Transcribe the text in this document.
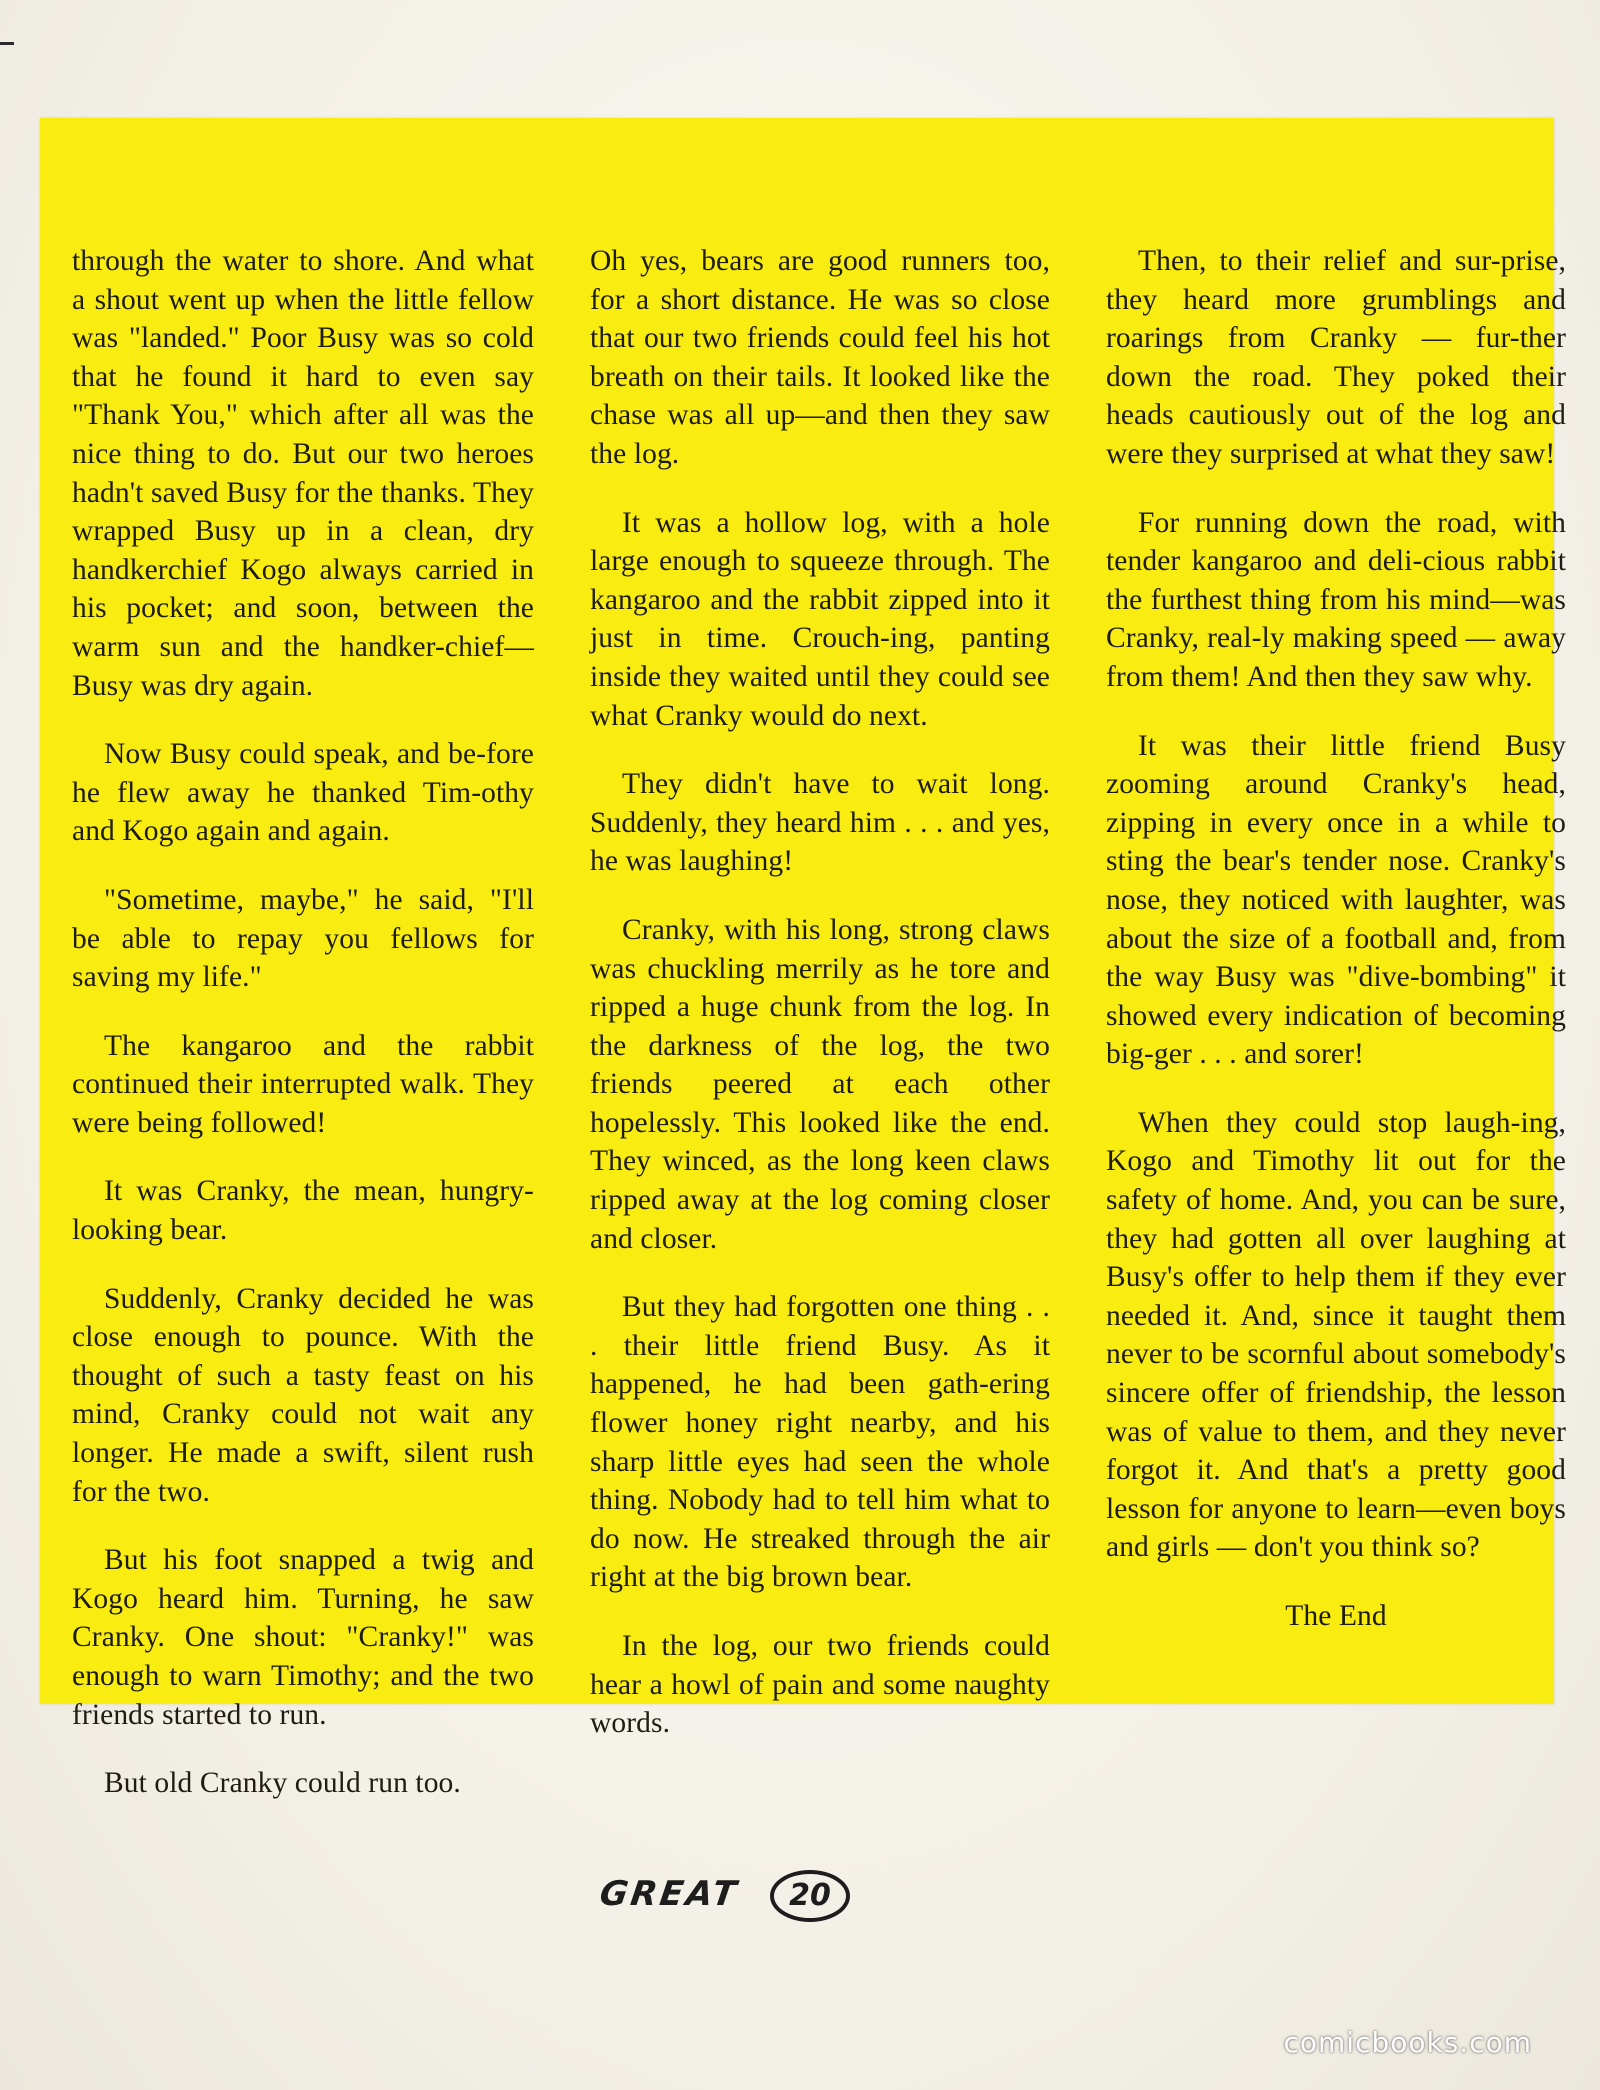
through the water to shore. And what a shout went up when the little fellow was "landed." Poor Busy was so cold that he found it hard to even say "Thank You," which after all was the nice thing to do. But our two heroes hadn't saved Busy for the thanks. They wrapped Busy up in a clean, dry handkerchief Kogo always carried in his pocket; and soon, between the warm sun and the handker-chief—Busy was dry again.

Now Busy could speak, and be-fore he flew away he thanked Tim-othy and Kogo again and again.

"Sometime, maybe," he said, "I'll be able to repay you fellows for saving my life."

The kangaroo and the rabbit continued their interrupted walk. They were being followed!

It was Cranky, the mean, hungry-looking bear.

Suddenly, Cranky decided he was close enough to pounce. With the thought of such a tasty feast on his mind, Cranky could not wait any longer. He made a swift, silent rush for the two.

But his foot snapped a twig and Kogo heard him. Turning, he saw Cranky. One shout: "Cranky!" was enough to warn Timothy; and the two friends started to run.

But old Cranky could run too.

Oh yes, bears are good runners too, for a short distance. He was so close that our two friends could feel his hot breath on their tails. It looked like the chase was all up—and then they saw the log.

It was a hollow log, with a hole large enough to squeeze through. The kangaroo and the rabbit zipped into it just in time. Crouch-ing, panting inside they waited until they could see what Cranky would do next.

They didn't have to wait long. Suddenly, they heard him . . . and yes, he was laughing!

Cranky, with his long, strong claws was chuckling merrily as he tore and ripped a huge chunk from the log. In the darkness of the log, the two friends peered at each other hopelessly. This looked like the end. They winced, as the long keen claws ripped away at the log coming closer and closer.

But they had forgotten one thing . . . their little friend Busy. As it happened, he had been gath-ering flower honey right nearby, and his sharp little eyes had seen the whole thing. Nobody had to tell him what to do now. He streaked through the air right at the big brown bear.

In the log, our two friends could hear a howl of pain and some naughty words.

Then, to their relief and sur-prise, they heard more grumblings and roarings from Cranky — fur-ther down the road. They poked their heads cautiously out of the log and were they surprised at what they saw!

For running down the road, with tender kangaroo and deli-cious rabbit the furthest thing from his mind—was Cranky, real-ly making speed — away from them! And then they saw why.

It was their little friend Busy zooming around Cranky's head, zipping in every once in a while to sting the bear's tender nose. Cranky's nose, they noticed with laughter, was about the size of a football and, from the way Busy was "dive-bombing" it showed every indication of becoming big-ger . . . and sorer!

When they could stop laugh-ing, Kogo and Timothy lit out for the safety of home. And, you can be sure, they had gotten all over laughing at Busy's offer to help them if they ever needed it. And, since it taught them never to be scornful about somebody's sincere offer of friendship, the lesson was of value to them, and they never forgot it. And that's a pretty good lesson for anyone to learn—even boys and girls — don't you think so?

The End

GREAT	20
comicbooks.com
